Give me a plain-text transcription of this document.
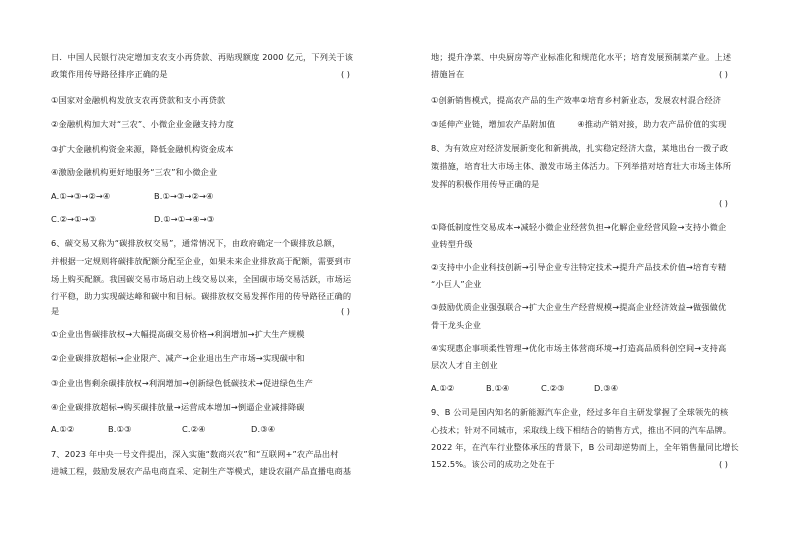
日．中国人民银行决定增加支农支小再贷款、再贴现额度 2000 亿元，下列关于该
政策作用传导路径排序正确的是	( )
①国家对金融机构发放支农再贷款和支小再贷款
②金融机构加大对“三农”、小微企业金融支持力度
③扩大金融机构资金来源，降低金融机构资金成本
④激励金融机构更好地服务“三农”和小微企业
A.①→③→②→④	B.①→③→②→④
C.②→①→③	D.①→①→④→③
6、碳交易又称为“碳排放权交易”，通常情况下，由政府确定一个碳排放总额，
并根据一定规则将碳排放配额分配至企业，如果未来企业排放高于配额，需要到市
场上购买配额。我国碳交易市场启动上线交易以来，全国碳市场交易活跃，市场运
行平稳，助力实现碳达峰和碳中和目标。碳排放权交易发挥作用的传导路径正确的
是	( )
①企业出售碳排放权→大幅提高碳交易价格→利润增加→扩大生产规模
②企业碳排放超标→企业限产、减产→企业退出生产市场→实现碳中和
③企业出售剩余碳排放权→利润增加→创新绿色低碳技术→促进绿色生产
④企业碳排放超标→购买碳排放量→运营成本增加→倒逼企业减排降碳
A.①②	B.①③	C.②④	D.③④
7、2023 年中央一号文件提出，深入实施“数商兴农”和“互联网+”农产品出村
进城工程，鼓励发展农产品电商直采、定制生产等模式，建设农副产品直播电商基
地；提升净菜、中央厨房等产业标准化和规范化水平；培育发展预制菜产业。上述
措施旨在	( )
①创新销售模式，提高农产品的生产效率②培育乡村新业态，发展农村混合经济
③延伸产业链，增加农产品附加值        ④推动产销对接，助力农产品价值的实现
8、为有效应对经济发展新变化和新挑战，扎实稳定经济大盘，某地出台一拨子政
策措施，培育壮大市场主体、激发市场主体活力。下列举措对培育壮大市场主体所
发挥的积极作用传导正确的是
( )
①降低制度性交易成本→减轻小微企业经营负担→化解企业经营风险→支持小微企
业转型升级
②支持中小企业科技创新→引导企业专注特定技术→提升产品技术价值→培育专精
“小巨人”企业
③鼓励优质企业强强联合→扩大企业生产经营规模→提高企业经济效益→做强做优
骨干龙头企业
④实现惠企事项柔性管理→优化市场主体营商环境→打造高品质科创空间→支持高
层次人才自主创业
A.①②	B.①④	C.②③	D.③④
9、B 公司是国内知名的新能源汽车企业，经过多年自主研发掌握了全球领先的核
心技术；针对不同城市，采取线上线下相结合的销售方式，推出不同的汽车品牌。
2022 年，在汽车行业整体承压的背景下，B 公司却逆势而上，全年销售量同比增长
152.5%。该公司的成功之处在于	( )
